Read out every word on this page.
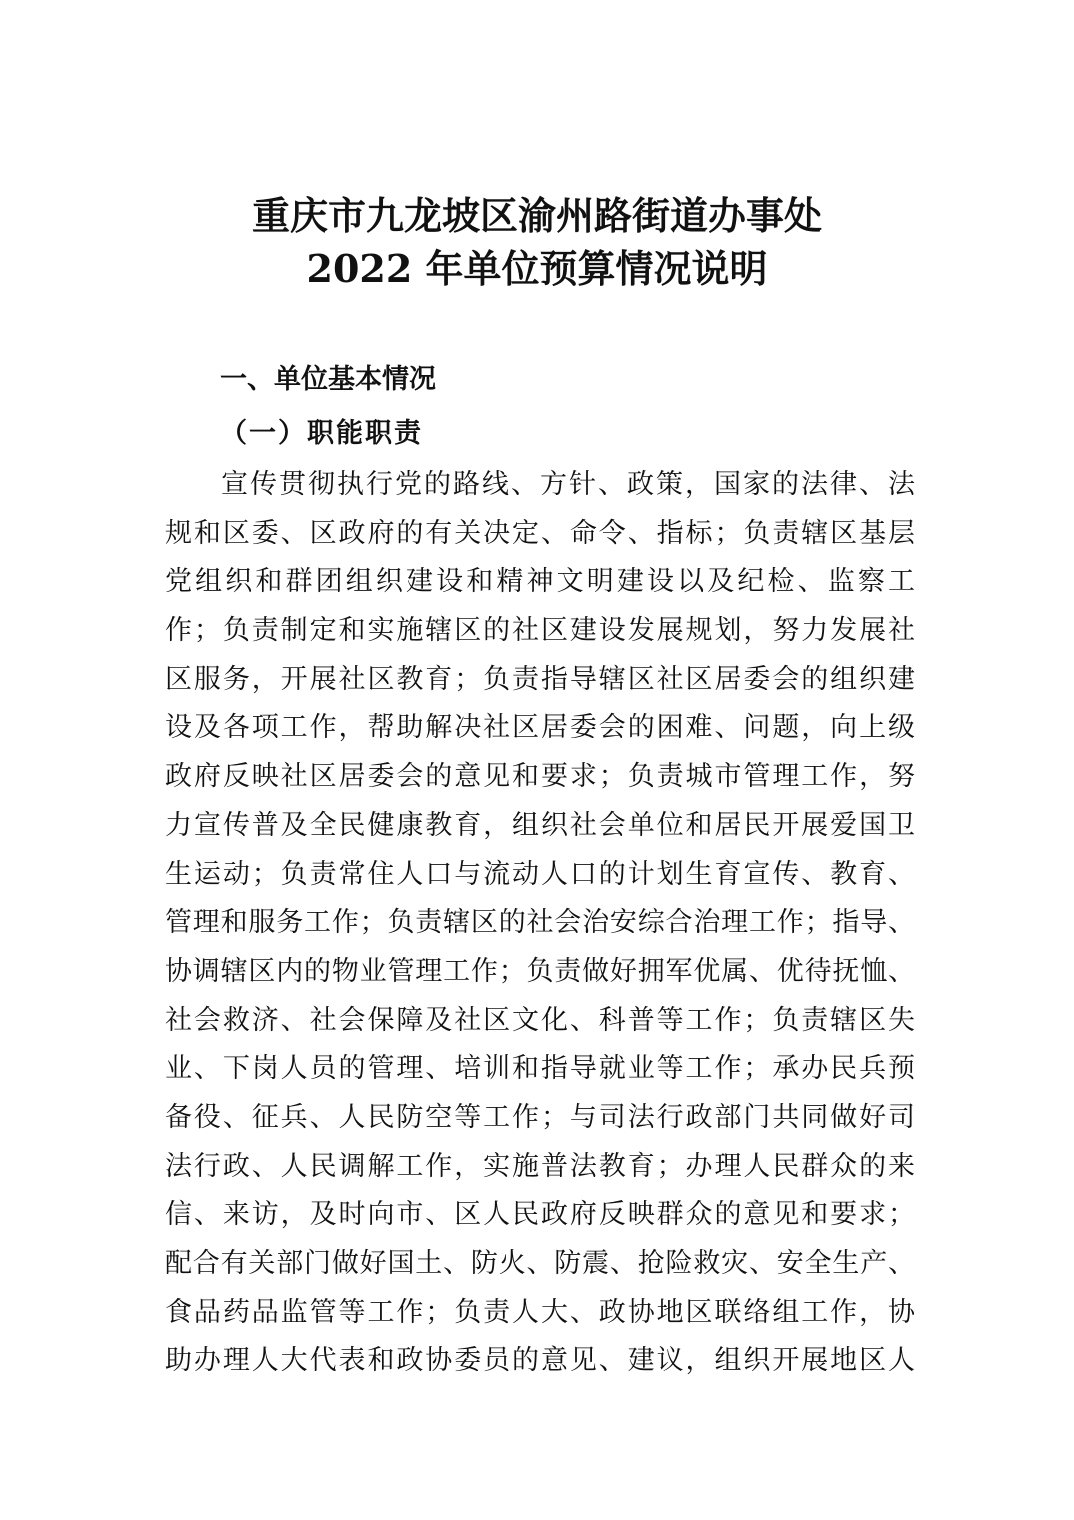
重庆市九龙坡区渝州路街道办事处
2022 年单位预算情况说明
一、单位基本情况
（一）职能职责
宣传贯彻执行党的路线、方针、政策，国家的法律、法
规和区委、区政府的有关决定、命令、指标；负责辖区基层
党组织和群团组织建设和精神文明建设以及纪检、监察工
作；负责制定和实施辖区的社区建设发展规划，努力发展社
区服务，开展社区教育；负责指导辖区社区居委会的组织建
设及各项工作，帮助解决社区居委会的困难、问题，向上级
政府反映社区居委会的意见和要求；负责城市管理工作，努
力宣传普及全民健康教育，组织社会单位和居民开展爱国卫
生运动；负责常住人口与流动人口的计划生育宣传、教育、
管理和服务工作；负责辖区的社会治安综合治理工作；指导、
协调辖区内的物业管理工作；负责做好拥军优属、优待抚恤、
社会救济、社会保障及社区文化、科普等工作；负责辖区失
业、下岗人员的管理、培训和指导就业等工作；承办民兵预
备役、征兵、人民防空等工作；与司法行政部门共同做好司
法行政、人民调解工作，实施普法教育；办理人民群众的来
信、来访，及时向市、区人民政府反映群众的意见和要求；
配合有关部门做好国土、防火、防震、抢险救灾、安全生产、
食品药品监管等工作；负责人大、政协地区联络组工作，协
助办理人大代表和政协委员的意见、建议，组织开展地区人
